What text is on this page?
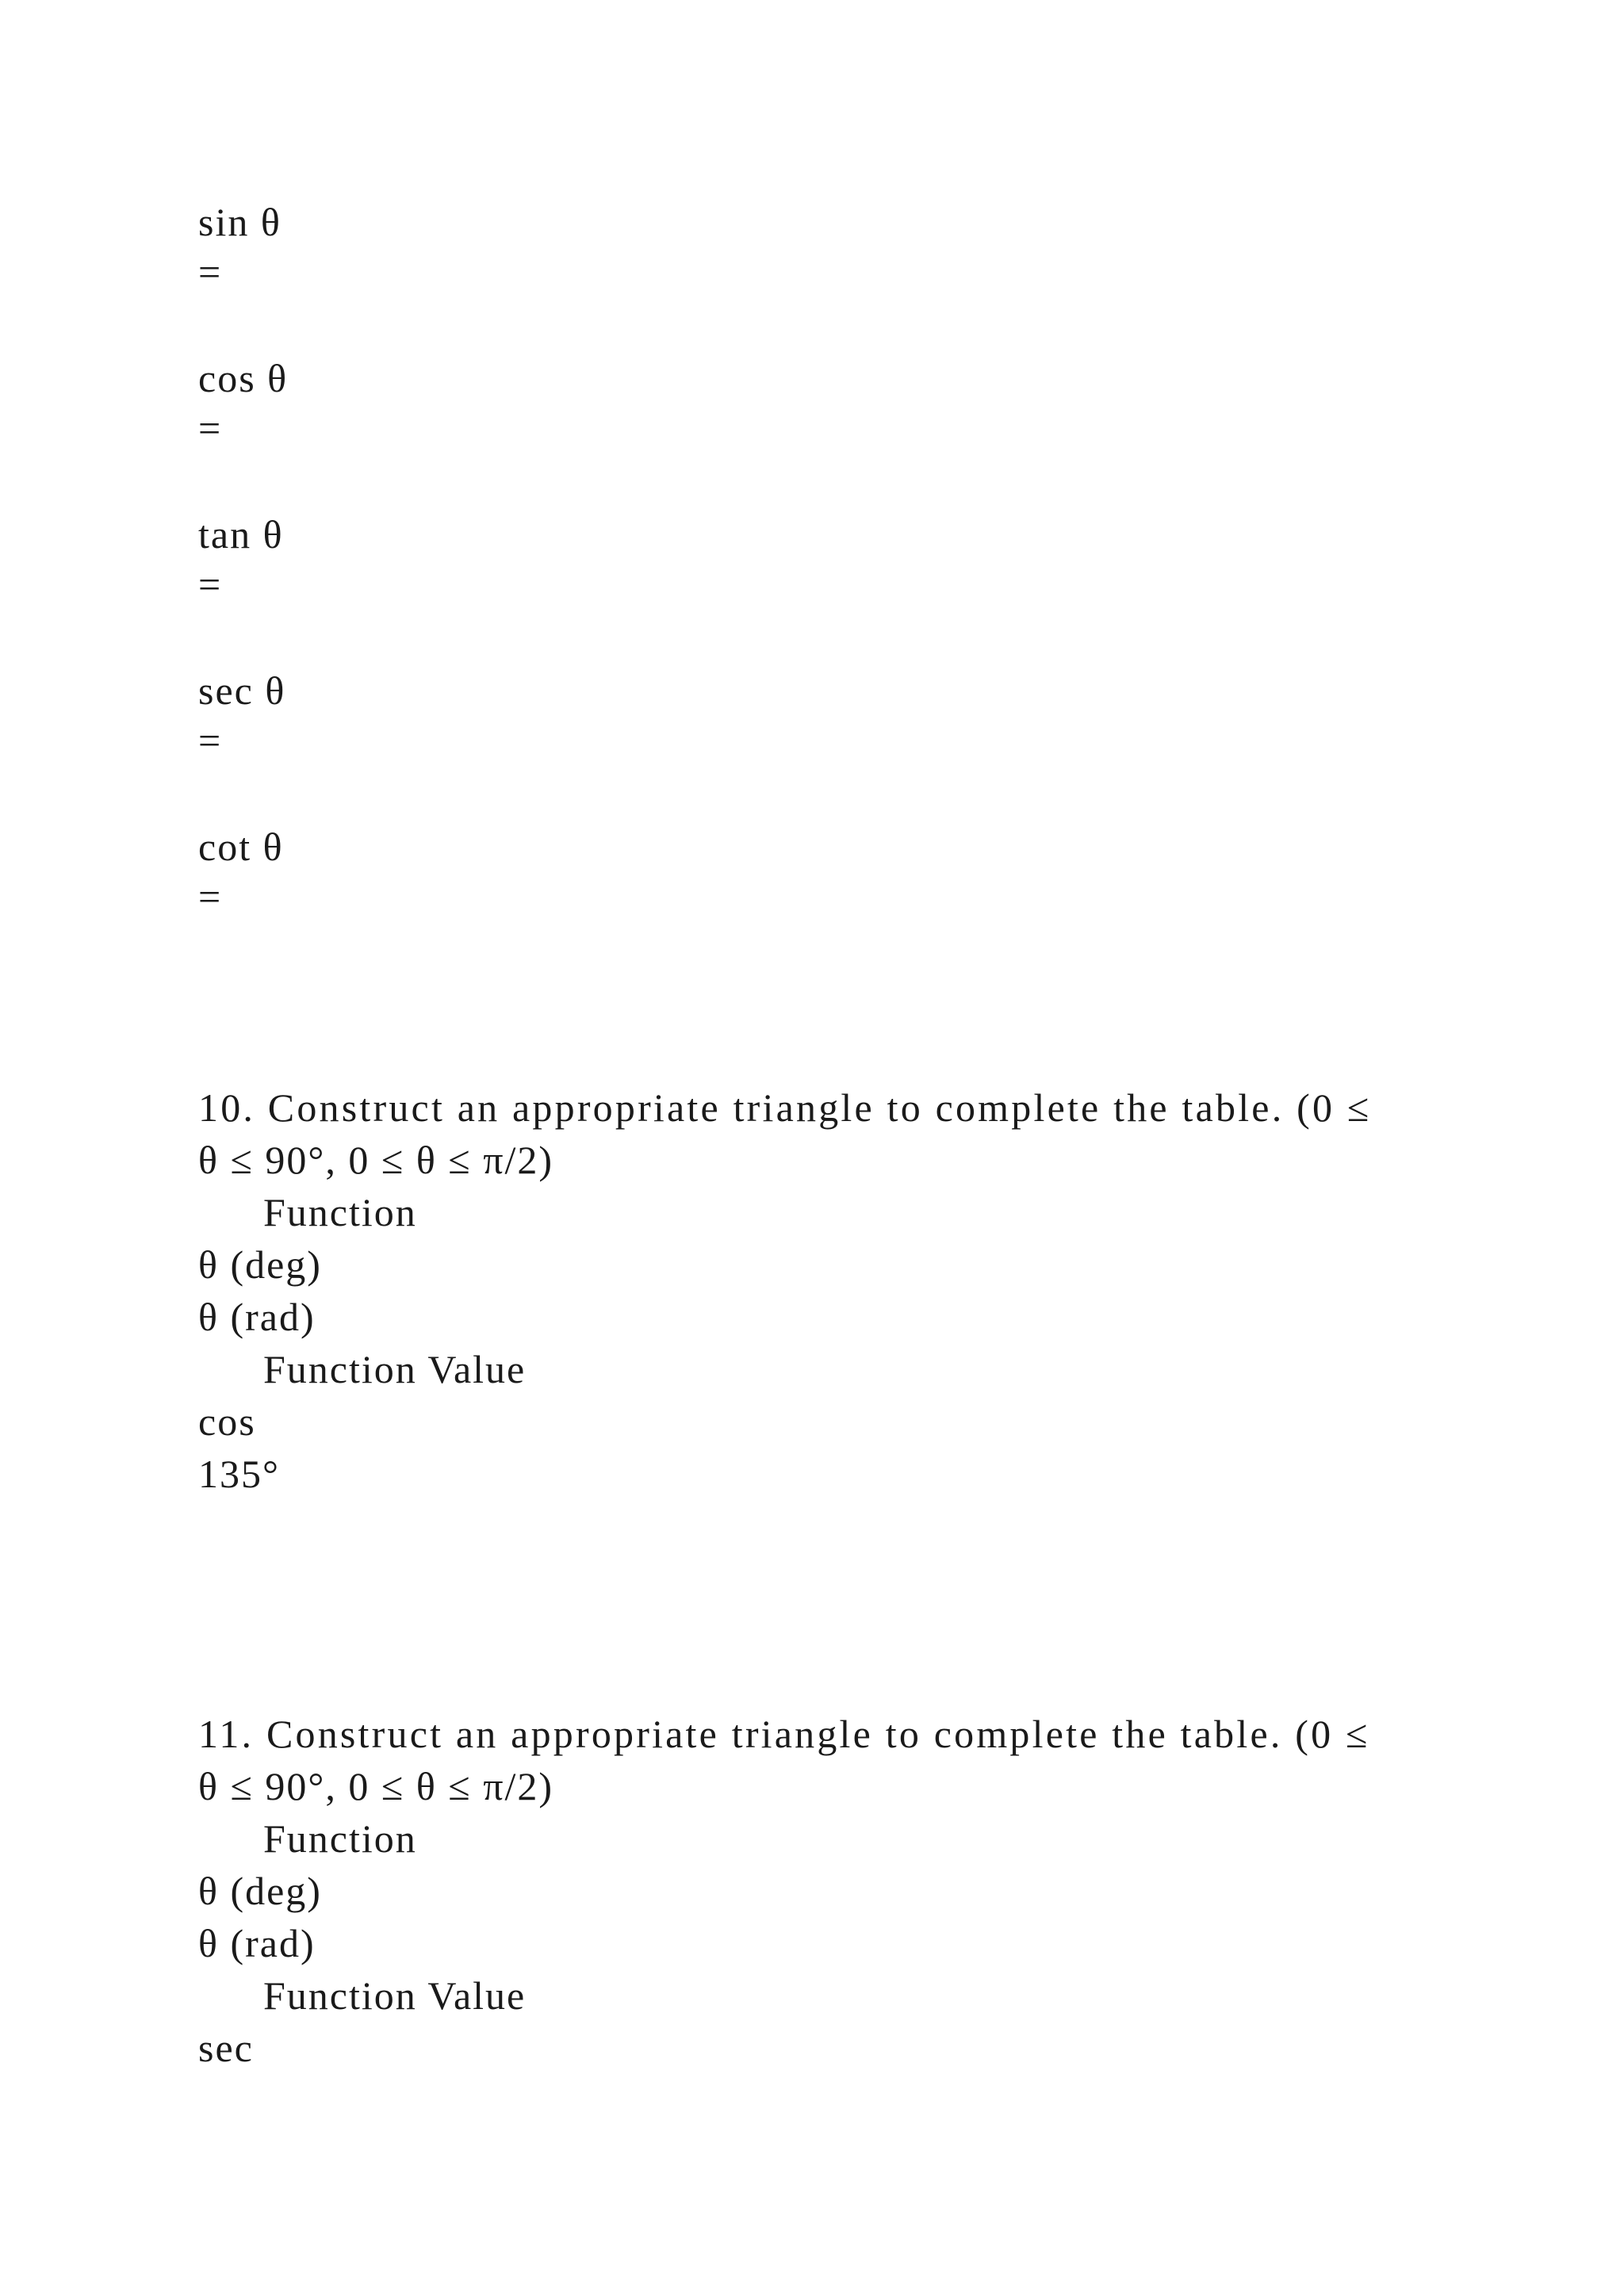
sin θ
=
cos θ
=
tan θ
=
sec θ
=
cot θ
=
10. Construct an appropriate triangle to complete the table. (0 ≤
θ ≤ 90°, 0 ≤ θ ≤ π/2)
Function
θ (deg)
θ (rad)
Function Value
cos
135°
11. Construct an appropriate triangle to complete the table. (0 ≤
θ ≤ 90°, 0 ≤ θ ≤ π/2)
Function
θ (deg)
θ (rad)
Function Value
sec
